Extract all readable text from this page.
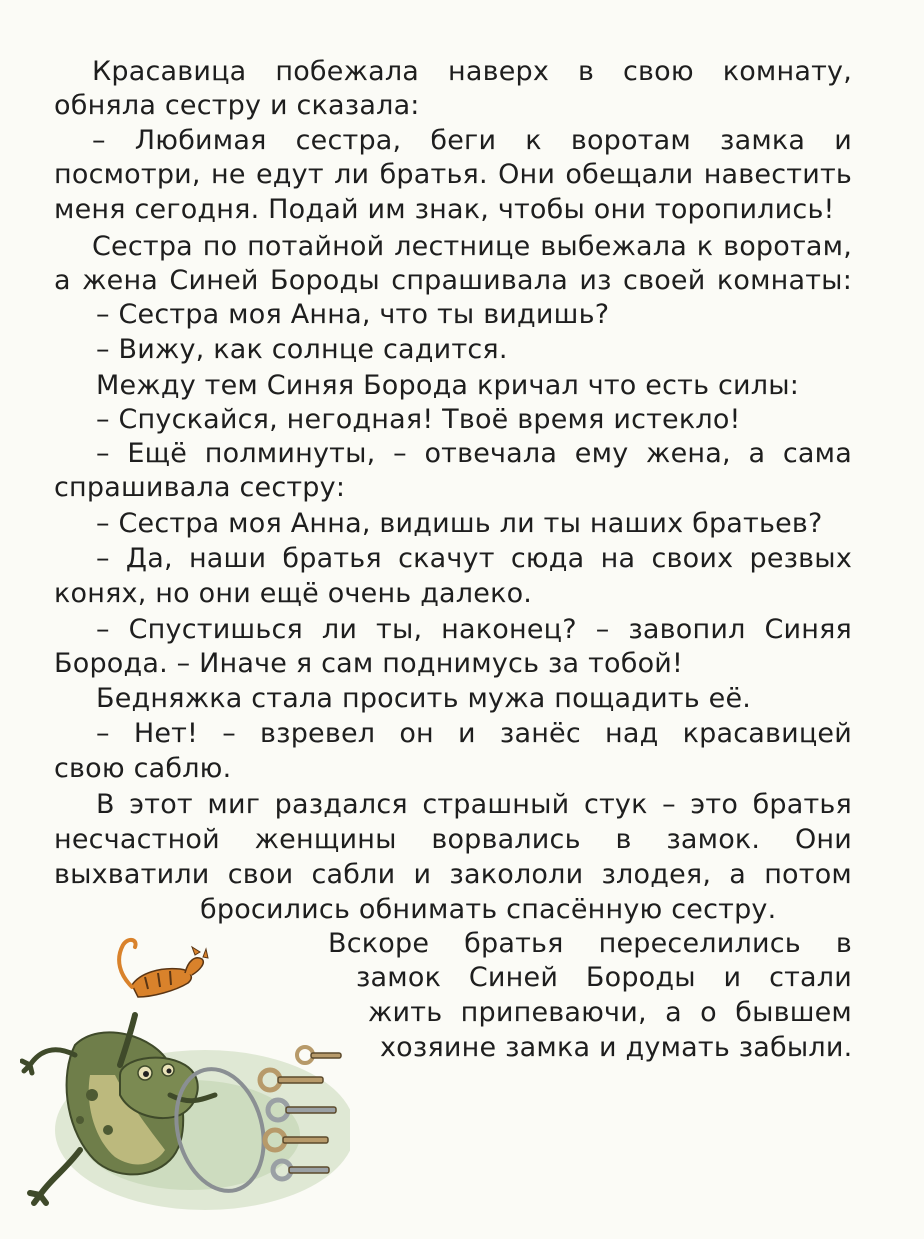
Красавица побежала наверх в свою комнату,
обняла сестру и сказала:
– Любимая сестра, беги к воротам замка и
посмотри, не едут ли братья. Они обещали навестить
меня сегодня. Подай им знак, чтобы они торопились!
Сестра по потайной лестнице выбежала к воротам,
а жена Синей Бороды спрашивала из своей комнаты:
– Сестра моя Анна, что ты видишь?
– Вижу, как солнце садится.
Между тем Синяя Борода кричал что есть силы:
– Спускайся, негодная! Твоё время истекло!
– Ещё полминуты, – отвечала ему жена, а сама
спрашивала сестру:
– Сестра моя Анна, видишь ли ты наших братьев?
– Да, наши братья скачут сюда на своих резвых
конях, но они ещё очень далеко.
– Спустишься ли ты, наконец? – завопил Синяя
Борода. – Иначе я сам поднимусь за тобой!
Бедняжка стала просить мужа пощадить её.
– Нет! – взревел он и занёс над красавицей
свою саблю.
В этот миг раздался страшный стук – это братья
несчастной женщины ворвались в замок. Они
выхватили свои сабли и закололи злодея, а потом
бросились обнимать спасённую сестру.
Вскоре братья переселились в
замок Синей Бороды и стали
жить припеваючи, а о бывшем
хозяине замка и думать забыли.
